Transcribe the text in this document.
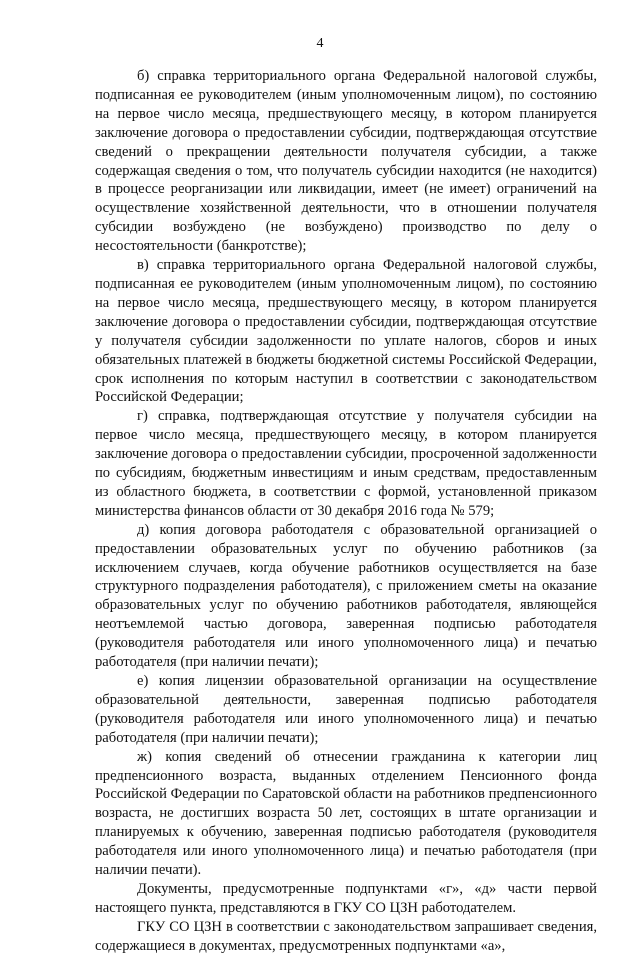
4

б) справка территориального органа Федеральной налоговой службы, подписанная ее руководителем (иным уполномоченным лицом), по состоянию на первое число месяца, предшествующего месяцу, в котором планируется заключение договора о предоставлении субсидии, подтверждающая отсутствие сведений о прекращении деятельности получателя субсидии, а также содержащая сведения о том, что получатель субсидии находится (не находится) в процессе реорганизации или ликвидации, имеет (не имеет) ограничений на осуществление хозяйственной деятельности, что в отношении получателя субсидии возбуждено (не возбуждено) производство по делу о несостоятельности (банкротстве);

в) справка территориального органа Федеральной налоговой службы, подписанная ее руководителем (иным уполномоченным лицом), по состоянию на первое число месяца, предшествующего месяцу, в котором планируется заключение договора о предоставлении субсидии, подтверждающая отсутствие у получателя субсидии задолженности по уплате налогов, сборов и иных обязательных платежей в бюджеты бюджетной системы Российской Федерации, срок исполнения по которым наступил в соответствии с законодательством Российской Федерации;

г) справка, подтверждающая отсутствие у получателя субсидии на первое число месяца, предшествующего месяцу, в котором планируется заключение договора о предоставлении субсидии, просроченной задолженности по субсидиям, бюджетным инвестициям и иным средствам, предоставленным из областного бюджета, в соответствии с формой, установленной приказом министерства финансов области от 30 декабря 2016 года № 579;

д) копия договора работодателя с образовательной организацией о предоставлении образовательных услуг по обучению работников (за исключением случаев, когда обучение работников осуществляется на базе структурного подразделения работодателя), с приложением сметы на оказание образовательных услуг по обучению работников работодателя, являющейся неотъемлемой частью договора, заверенная подписью работодателя (руководителя работодателя или иного уполномоченного лица) и печатью работодателя (при наличии печати);

е) копия лицензии образовательной организации на осуществление образовательной деятельности, заверенная подписью работодателя (руководителя работодателя или иного уполномоченного лица) и печатью работодателя (при наличии печати);

ж) копия сведений об отнесении гражданина к категории лиц предпенсионного возраста, выданных отделением Пенсионного фонда Российской Федерации по Саратовской области на работников предпенсионного возраста, не достигших возраста 50 лет, состоящих в штате организации и планируемых к обучению, заверенная подписью работодателя (руководителя работодателя или иного уполномоченного лица) и печатью работодателя (при наличии печати).

Документы, предусмотренные подпунктами «г», «д» части первой настоящего пункта, представляются в ГКУ СО ЦЗН работодателем.

ГКУ СО ЦЗН в соответствии с законодательством запрашивает сведения, содержащиеся в документах, предусмотренных подпунктами «а»,
